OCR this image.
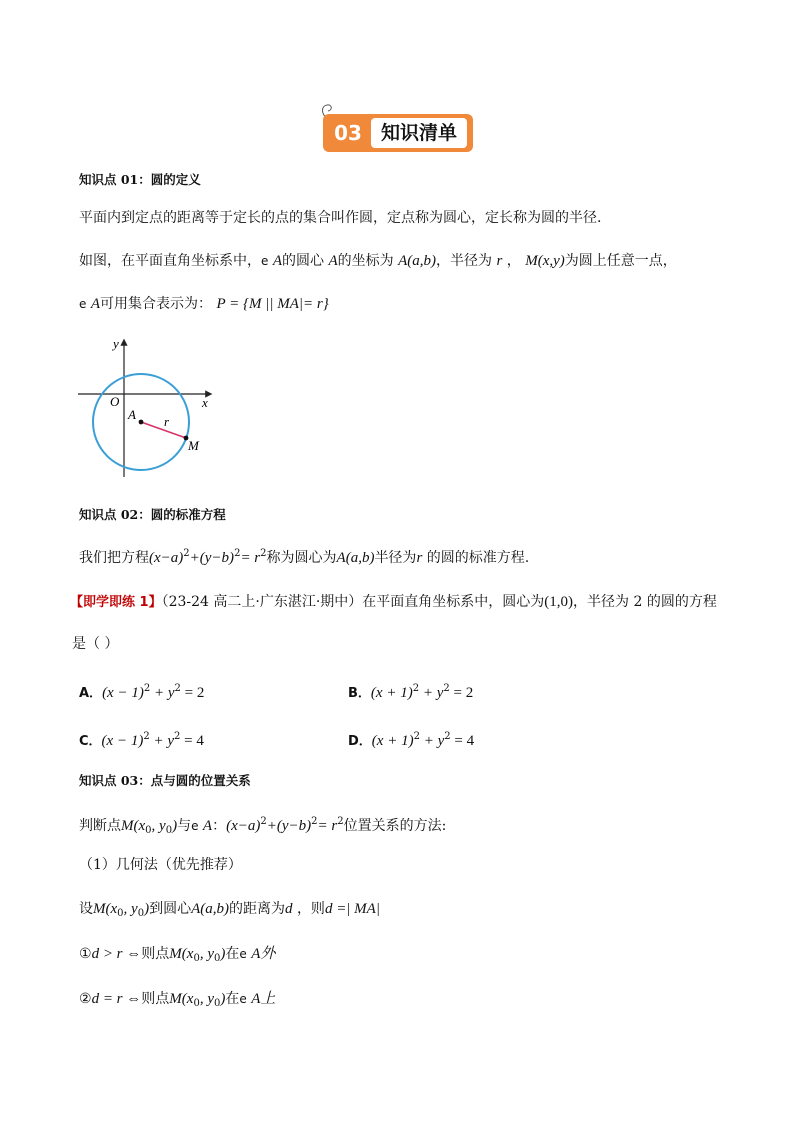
03	知识清单
知识点 01：圆的定义
平面内到定点的距离等于定长的点的集合叫作圆，定点称为圆心，定长称为圆的半径.
如图，在平面直角坐标系中，e A的圆心 A的坐标为 A(a,b)，半径为 r ， M(x,y)为圆上任意一点，
e A可用集合表示为： P = {M || MA|= r}
y
x
O
A r
M
知识点 02：圆的标准方程
我们把方程$(x-a)^2+(y-b)^2= r^2$称为圆心为A(a,b)半径为r 的圆的标准方程.
【即学即练 1】（23-24 高二上·广东湛江·期中）在平面直角坐标系中，圆心为(1,0)，半径为 2 的圆的方程
是（ ）
A．$(x - 1)^2 + y^2 = 2$	B．$(x + 1)^2 + y^2 = 2$
C．$(x - 1)^2 + y^2 = 4$	D．$(x + 1)^2 + y^2 = 4$
知识点 03：点与圆的位置关系
判断点$M(x_0$, $y_0$)与e A：$(x-a)^2+(y-b)^2= r^2$位置关系的方法:
（1）几何法（优先推荐）
设$M(x_0$, $y_0$)到圆心A(a,b)的距离为d ，则d =| MA|
①d > r ⇔则点$M(x_0$, $y_0$)在e A外
②d = r ⇔则点$M(x_0$, $y_0$)在e A上
